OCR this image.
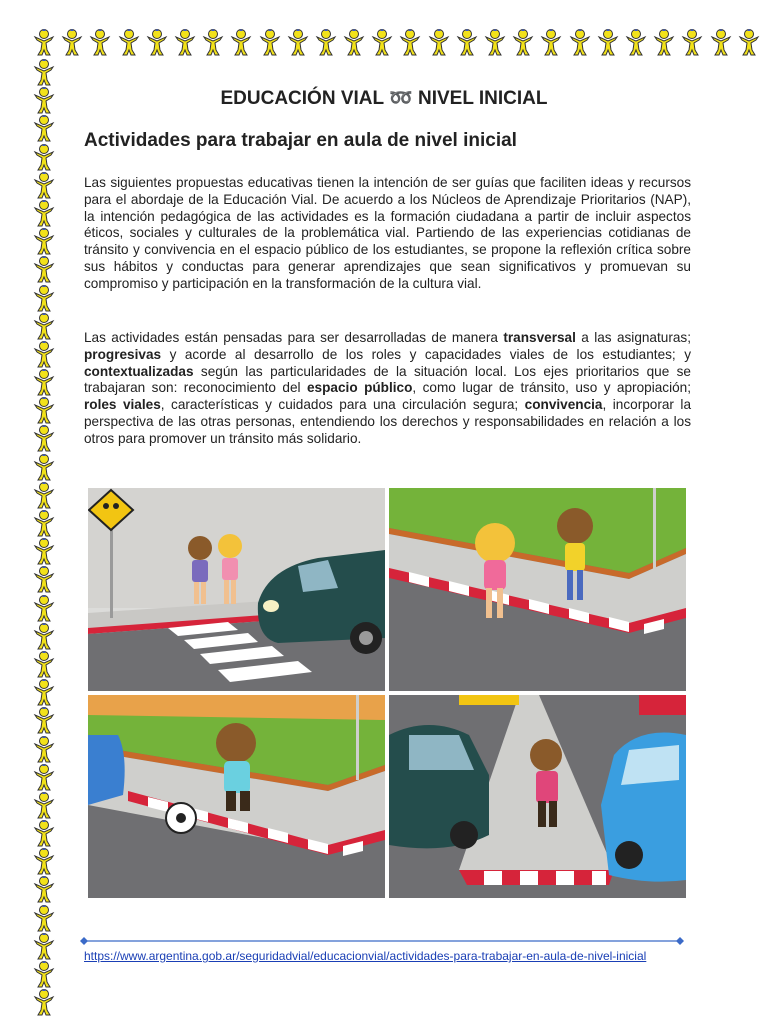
EDUCACIÓN VIAL ➿ NIVEL INICIAL
Actividades para trabajar en aula de nivel inicial
Las siguientes propuestas educativas tienen la intención de ser guías que faciliten ideas y recursos para el abordaje de la Educación Vial. De acuerdo a los Núcleos de Aprendizaje Prioritarios (NAP), la intención pedagógica de las actividades es la formación ciudadana a partir de incluir aspectos éticos, sociales y culturales de la problemática vial. Partiendo de las experiencias cotidianas de tránsito y convivencia en el espacio público de los estudiantes, se propone la reflexión crítica sobre sus hábitos y conductas para generar aprendizajes que sean significativos y promuevan su compromiso y participación en la transformación de la cultura vial.
Las actividades están pensadas para ser desarrolladas de manera transversal a las asignaturas; progresivas y acorde al desarrollo de los roles y capacidades viales de los estudiantes; y contextualizadas según las particularidades de la situación local. Los ejes prioritarios que se trabajaran son: reconocimiento del espacio público, como lugar de tránsito, uso y apropiación; roles viales, características y cuidados para una circulación segura; convivencia, incorporar la perspectiva de las otras personas, entendiendo los derechos y responsabilidades en relación a los otros para promover un tránsito más solidario.
https://www.argentina.gob.ar/seguridadvial/educacionvial/actividades-para-trabajar-en-aula-de-nivel-inicial
